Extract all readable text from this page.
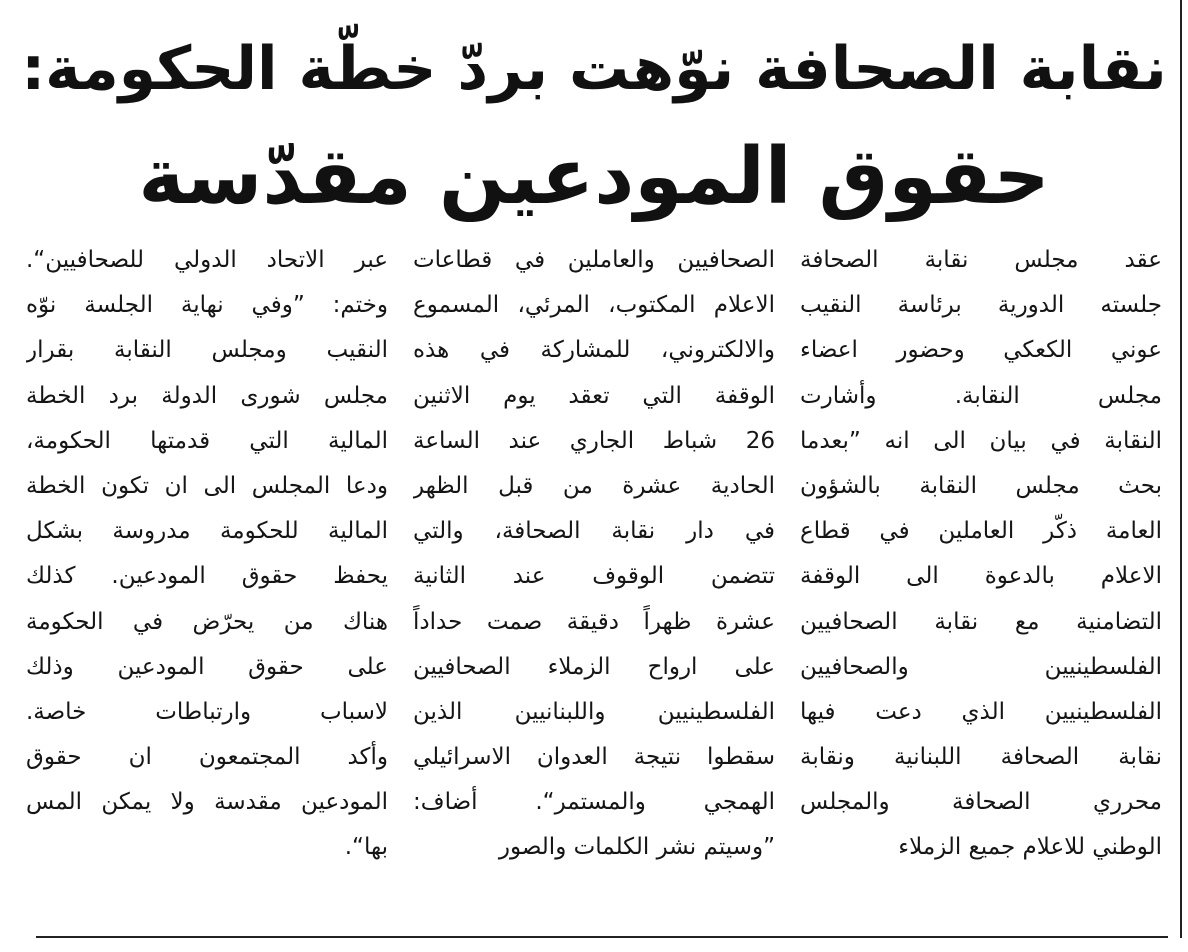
نقابة الصحافة نوّهت بردّ خطّة الحكومة:
حقوق المودعين مقدّسة
عقد مجلس نقابة الصحافة
جلسته الدورية برئاسة النقيب
عوني الكعكي وحضور اعضاء
مجلس النقابة. وأشارت
النقابة في بيان الى انه ”بعدما
بحث مجلس النقابة بالشؤون
العامة ذكّر العاملين في قطاع
الاعلام بالدعوة الى الوقفة
التضامنية مع نقابة الصحافيين
الفلسطينيين والصحافيين
الفلسطينيين الذي دعت فيها
نقابة الصحافة اللبنانية ونقابة
محرري الصحافة والمجلس
الوطني للاعلام جميع الزملاء
الصحافيين والعاملين في قطاعات
الاعلام المكتوب، المرئي، المسموع
والالكتروني، للمشاركة في هذه
الوقفة التي تعقد يوم الاثنين
26 شباط الجاري عند الساعة
الحادية عشرة من قبل الظهر
في دار نقابة الصحافة، والتي
تتضمن الوقوف عند الثانية
عشرة ظهراً دقيقة صمت حداداً
على ارواح الزملاء الصحافيين
الفلسطينيين واللبنانيين الذين
سقطوا نتيجة العدوان الاسرائيلي
الهمجي والمستمر“. أضاف:
”وسيتم نشر الكلمات والصور
عبر الاتحاد الدولي للصحافيين“.
وختم: ”وفي نهاية الجلسة نوّه
النقيب ومجلس النقابة بقرار
مجلس شورى الدولة برد الخطة
المالية التي قدمتها الحكومة،
ودعا المجلس الى ان تكون الخطة
المالية للحكومة مدروسة بشكل
يحفظ حقوق المودعين. كذلك
هناك من يحرّض في الحكومة
على حقوق المودعين وذلك
لاسباب وارتباطات خاصة.
وأكد المجتمعون ان حقوق
المودعين مقدسة ولا يمكن المس
بها“.
